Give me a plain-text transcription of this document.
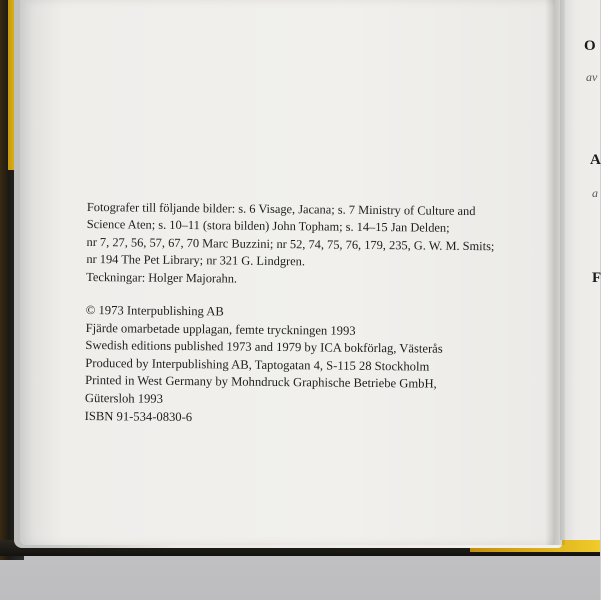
O
av
A
a
F

Fotografer till följande bilder: s. 6 Visage, Jacana; s. 7 Ministry of Culture and

Science Aten; s. 10–11 (stora bilden) John Topham; s. 14–15 Jan Delden;

nr 7, 27, 56, 57, 67, 70 Marc Buzzini; nr 52, 74, 75, 76, 179, 235, G. W. M. Smits;

nr 194 The Pet Library; nr 321 G. Lindgren.

Teckningar: Holger Majorahn.

© 1973 Interpublishing AB

Fjärde omarbetade upplagan, femte tryckningen 1993

Swedish editions published 1973 and 1979 by ICA bokförlag, Västerås

Produced by Interpublishing AB, Taptogatan 4, S-115 28 Stockholm

Printed in West Germany by Mohndruck Graphische Betriebe GmbH,

Gütersloh 1993

ISBN 91-534-0830-6
